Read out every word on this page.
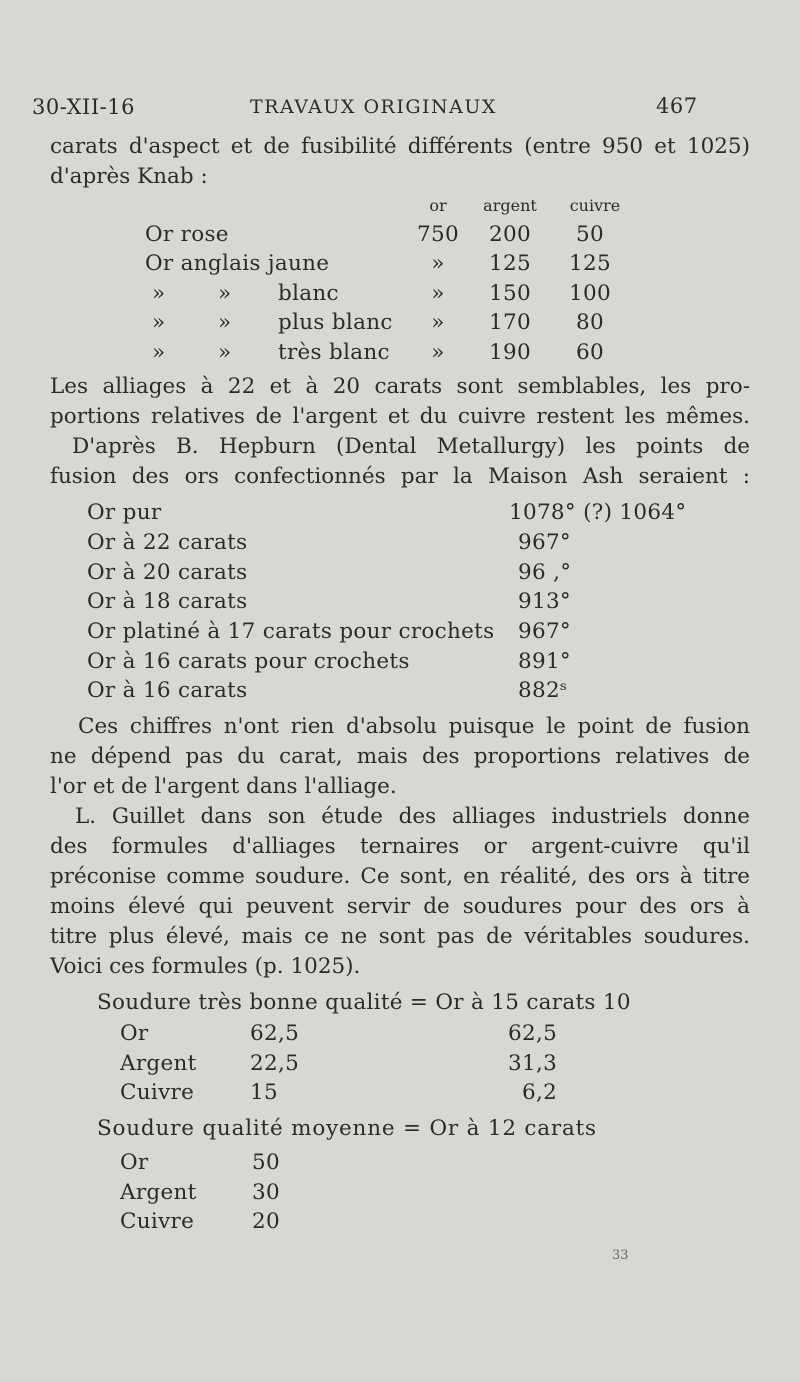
30-XII-16	TRAVAUX ORIGINAUX	467
carats d'aspect et de fusibilité différents (entre 950 et 1025)
d'après Knab :
or	argent	cuivre
Or rose	750 200	50
Or anglais jaune	»	125 125
» » blanc	»	150 100
» » plus blanc	»	170	80
» » très blanc	»	190	60
Les alliages à 22 et à 20 carats sont semblables, les pro-
portions relatives de l'argent et du cuivre restent les mêmes.
D'après B. Hepburn (Dental Metallurgy) les points de
fusion des ors confectionnés par la Maison Ash seraient :
Or pur	1078° (?) 1064°
Or à 22 carats	967°
Or à 20 carats	96 ,°
Or à 18 carats	913°
Or platiné à 17 carats pour crochets 967°
Or à 16 carats pour crochets	891°
Or à 16 carats	882ˢ
Ces chiffres n'ont rien d'absolu puisque le point de fusion
ne dépend pas du carat, mais des proportions relatives de
l'or et de l'argent dans l'alliage.
L. Guillet dans son étude des alliages industriels donne
des formules d'alliages ternaires or argent-cuivre qu'il
préconise comme soudure. Ce sont, en réalité, des ors à titre
moins élevé qui peuvent servir de soudures pour des ors à
titre plus élevé, mais ce ne sont pas de véritables soudures.
Voici ces formules (p. 1025).
Soudure très bonne qualité = Or à 15 carats 10
Or	62,5	62,5
Argent 22,5	31,3
Cuivre	15	6,2
Soudure qualité moyenne = Or à 12 carats
Or	50
Argent	30
Cuivre	20
33
